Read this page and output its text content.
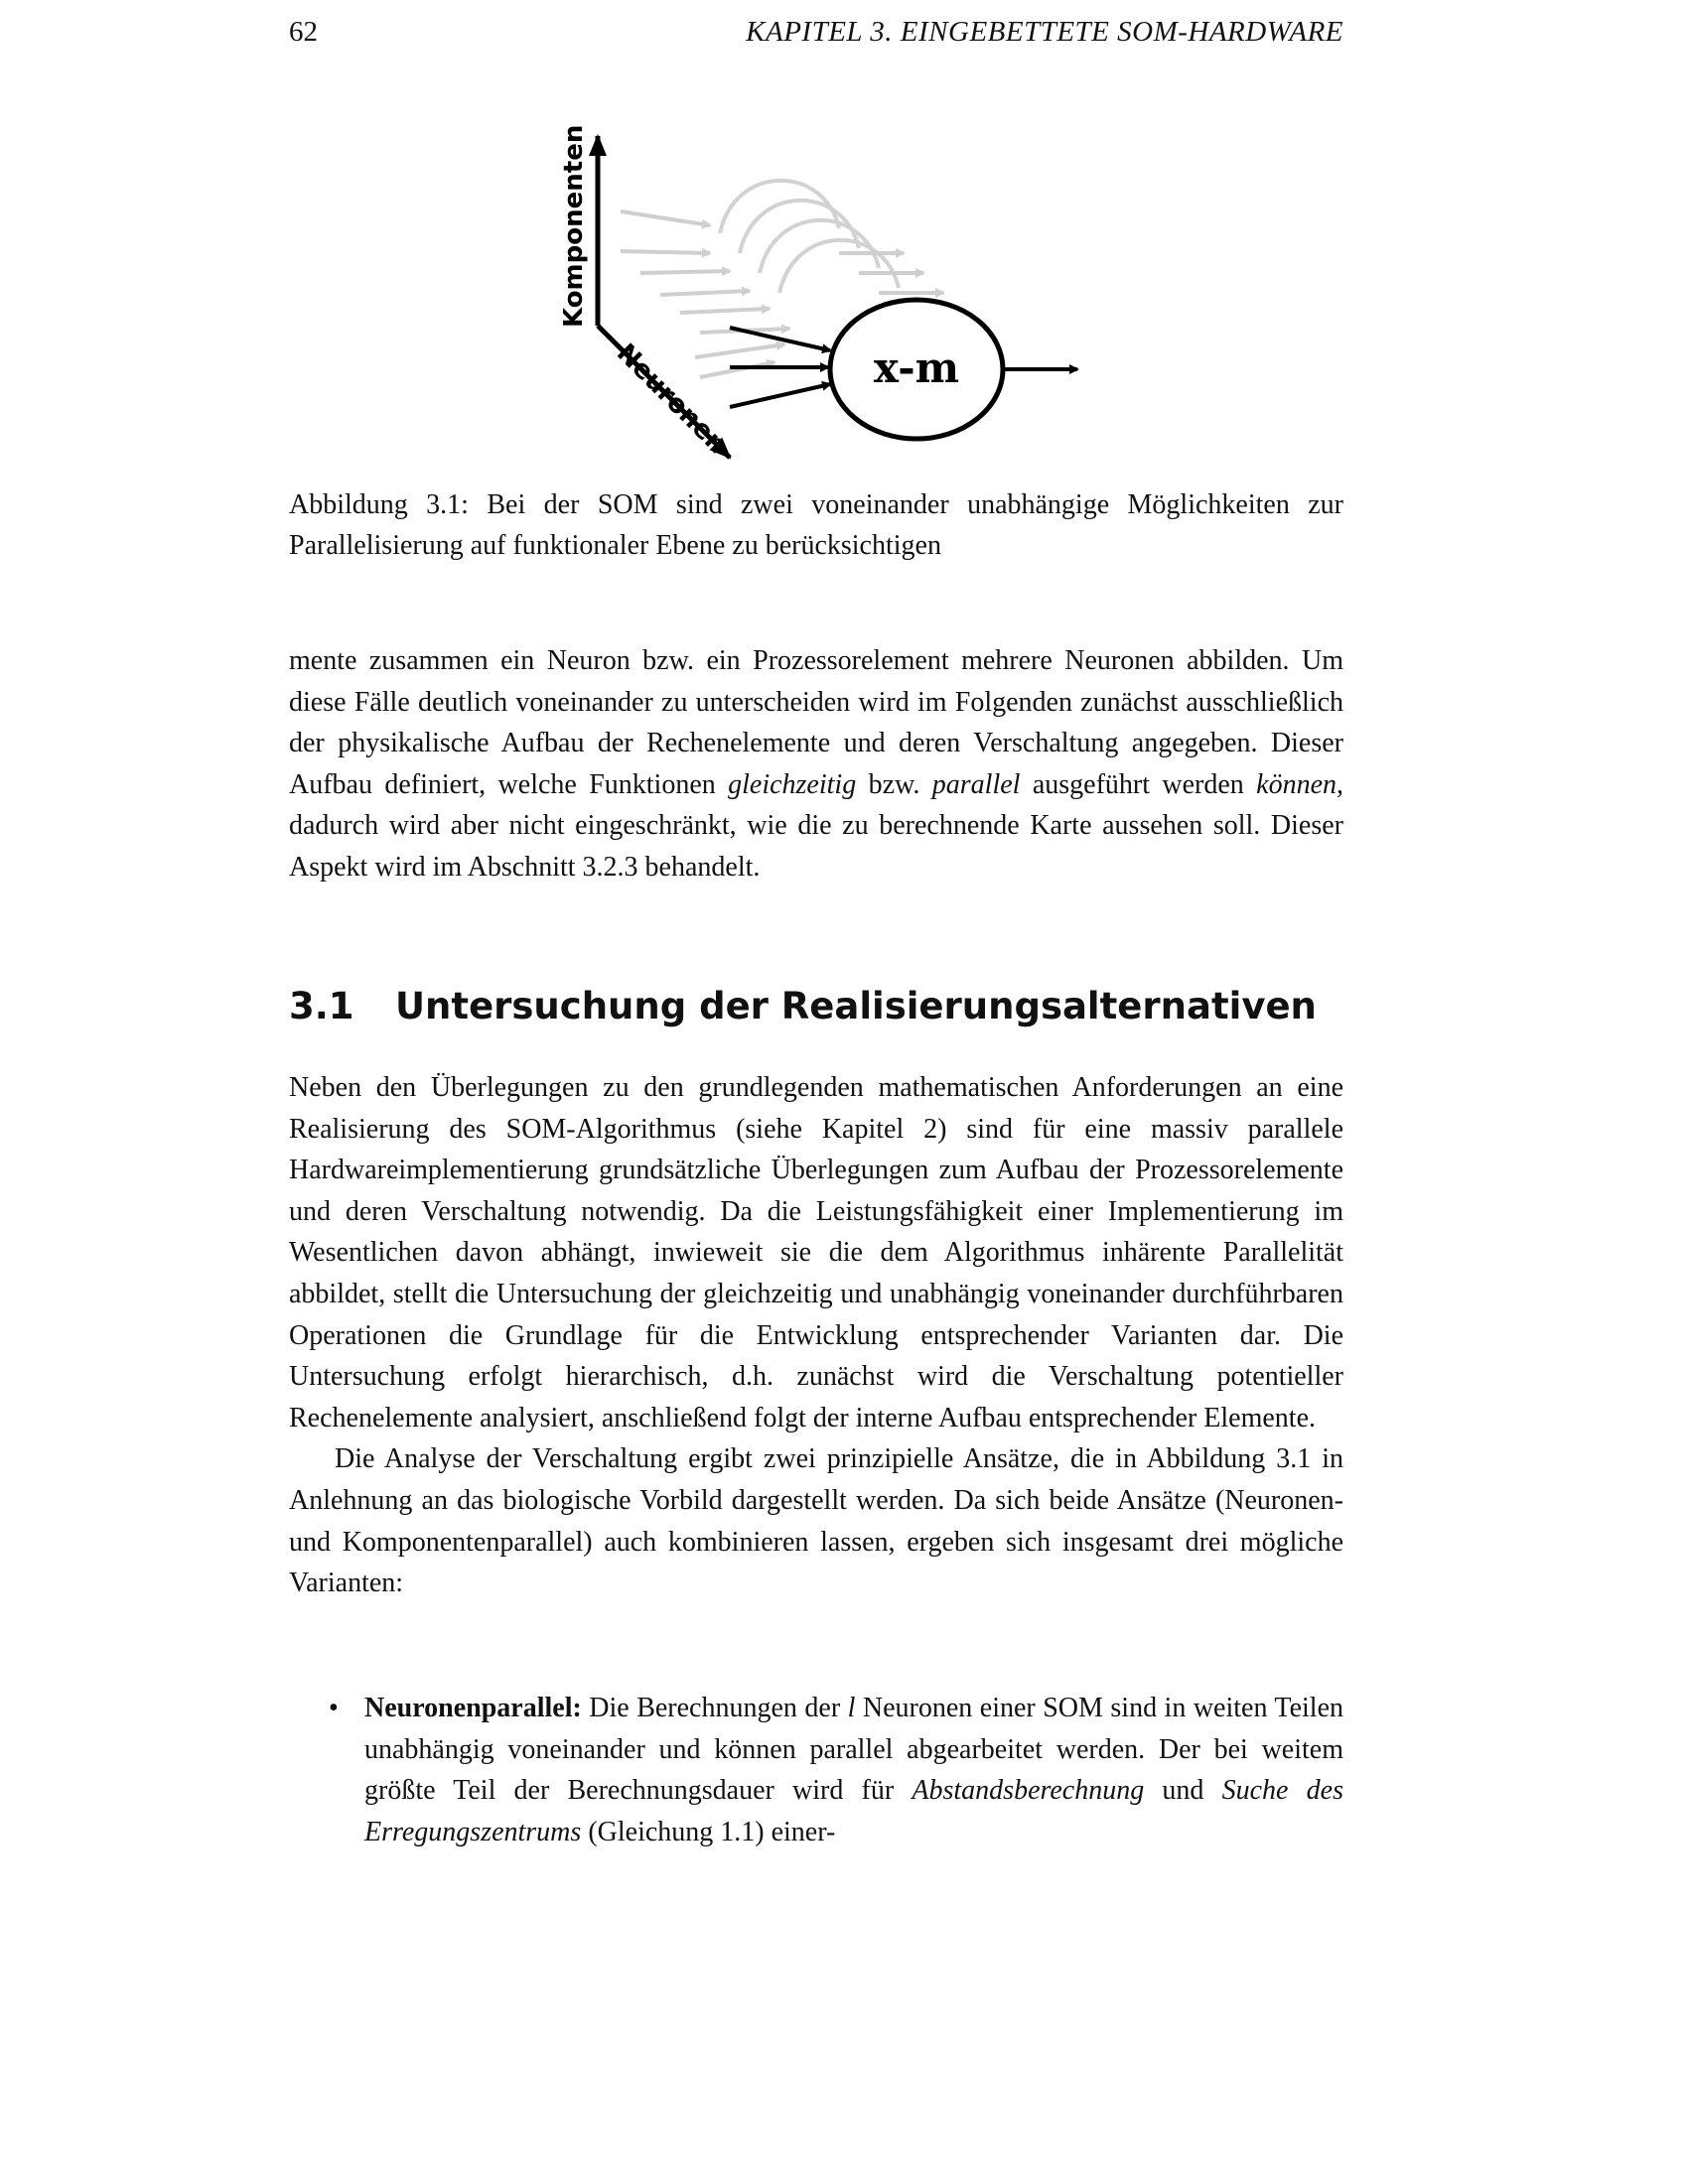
62	KAPITEL 3. EINGEBETTETE SOM-HARDWARE
Komponenten
Neuronen	x-m
Abbildung 3.1: Bei der SOM sind zwei voneinander unabhängige Möglichkeiten zur Parallelisierung auf funktionaler Ebene zu berücksichtigen

mente zusammen ein Neuron bzw. ein Prozessorelement mehrere Neuronen abbilden. Um diese Fälle deutlich voneinander zu unterscheiden wird im Folgenden zunächst ausschließlich der physikalische Aufbau der Rechenelemente und deren Verschaltung angegeben. Dieser Aufbau definiert, welche Funktionen gleichzeitig bzw. parallel ausgeführt werden können, dadurch wird aber nicht eingeschränkt, wie die zu berechnende Karte aussehen soll. Dieser Aspekt wird im Abschnitt 3.2.3 behandelt.

3.1 Untersuchung der Realisierungsalternativen

Neben den Überlegungen zu den grundlegenden mathematischen Anforderungen an eine Realisierung des SOM-Algorithmus (siehe Kapitel 2) sind für eine massiv parallele Hardwareimplementierung grundsätzliche Überlegungen zum Aufbau der Prozessorelemente und deren Verschaltung notwendig. Da die Leistungsfähigkeit einer Implementierung im Wesentlichen davon abhängt, inwieweit sie die dem Algorithmus inhärente Parallelität abbildet, stellt die Untersuchung der gleichzeitig und unabhängig voneinander durchführbaren Operationen die Grundlage für die Entwicklung entsprechender Varianten dar. Die Untersuchung erfolgt hierarchisch, d.h. zunächst wird die Verschaltung potentieller Rechenelemente analysiert, anschließend folgt der interne Aufbau entsprechender Elemente.

Die Analyse der Verschaltung ergibt zwei prinzipielle Ansätze, die in Abbildung 3.1 in Anlehnung an das biologische Vorbild dargestellt werden. Da sich beide Ansätze (Neuronen- und Komponentenparallel) auch kombinieren lassen, ergeben sich insgesamt drei mögliche Varianten:

• Neuronenparallel: Die Berechnungen der l Neuronen einer SOM sind in weiten Teilen unabhängig voneinander und können parallel abgearbeitet werden. Der bei weitem größte Teil der Berechnungsdauer wird für Abstandsberechnung und Suche des Erregungszentrums (Gleichung 1.1) einer-
